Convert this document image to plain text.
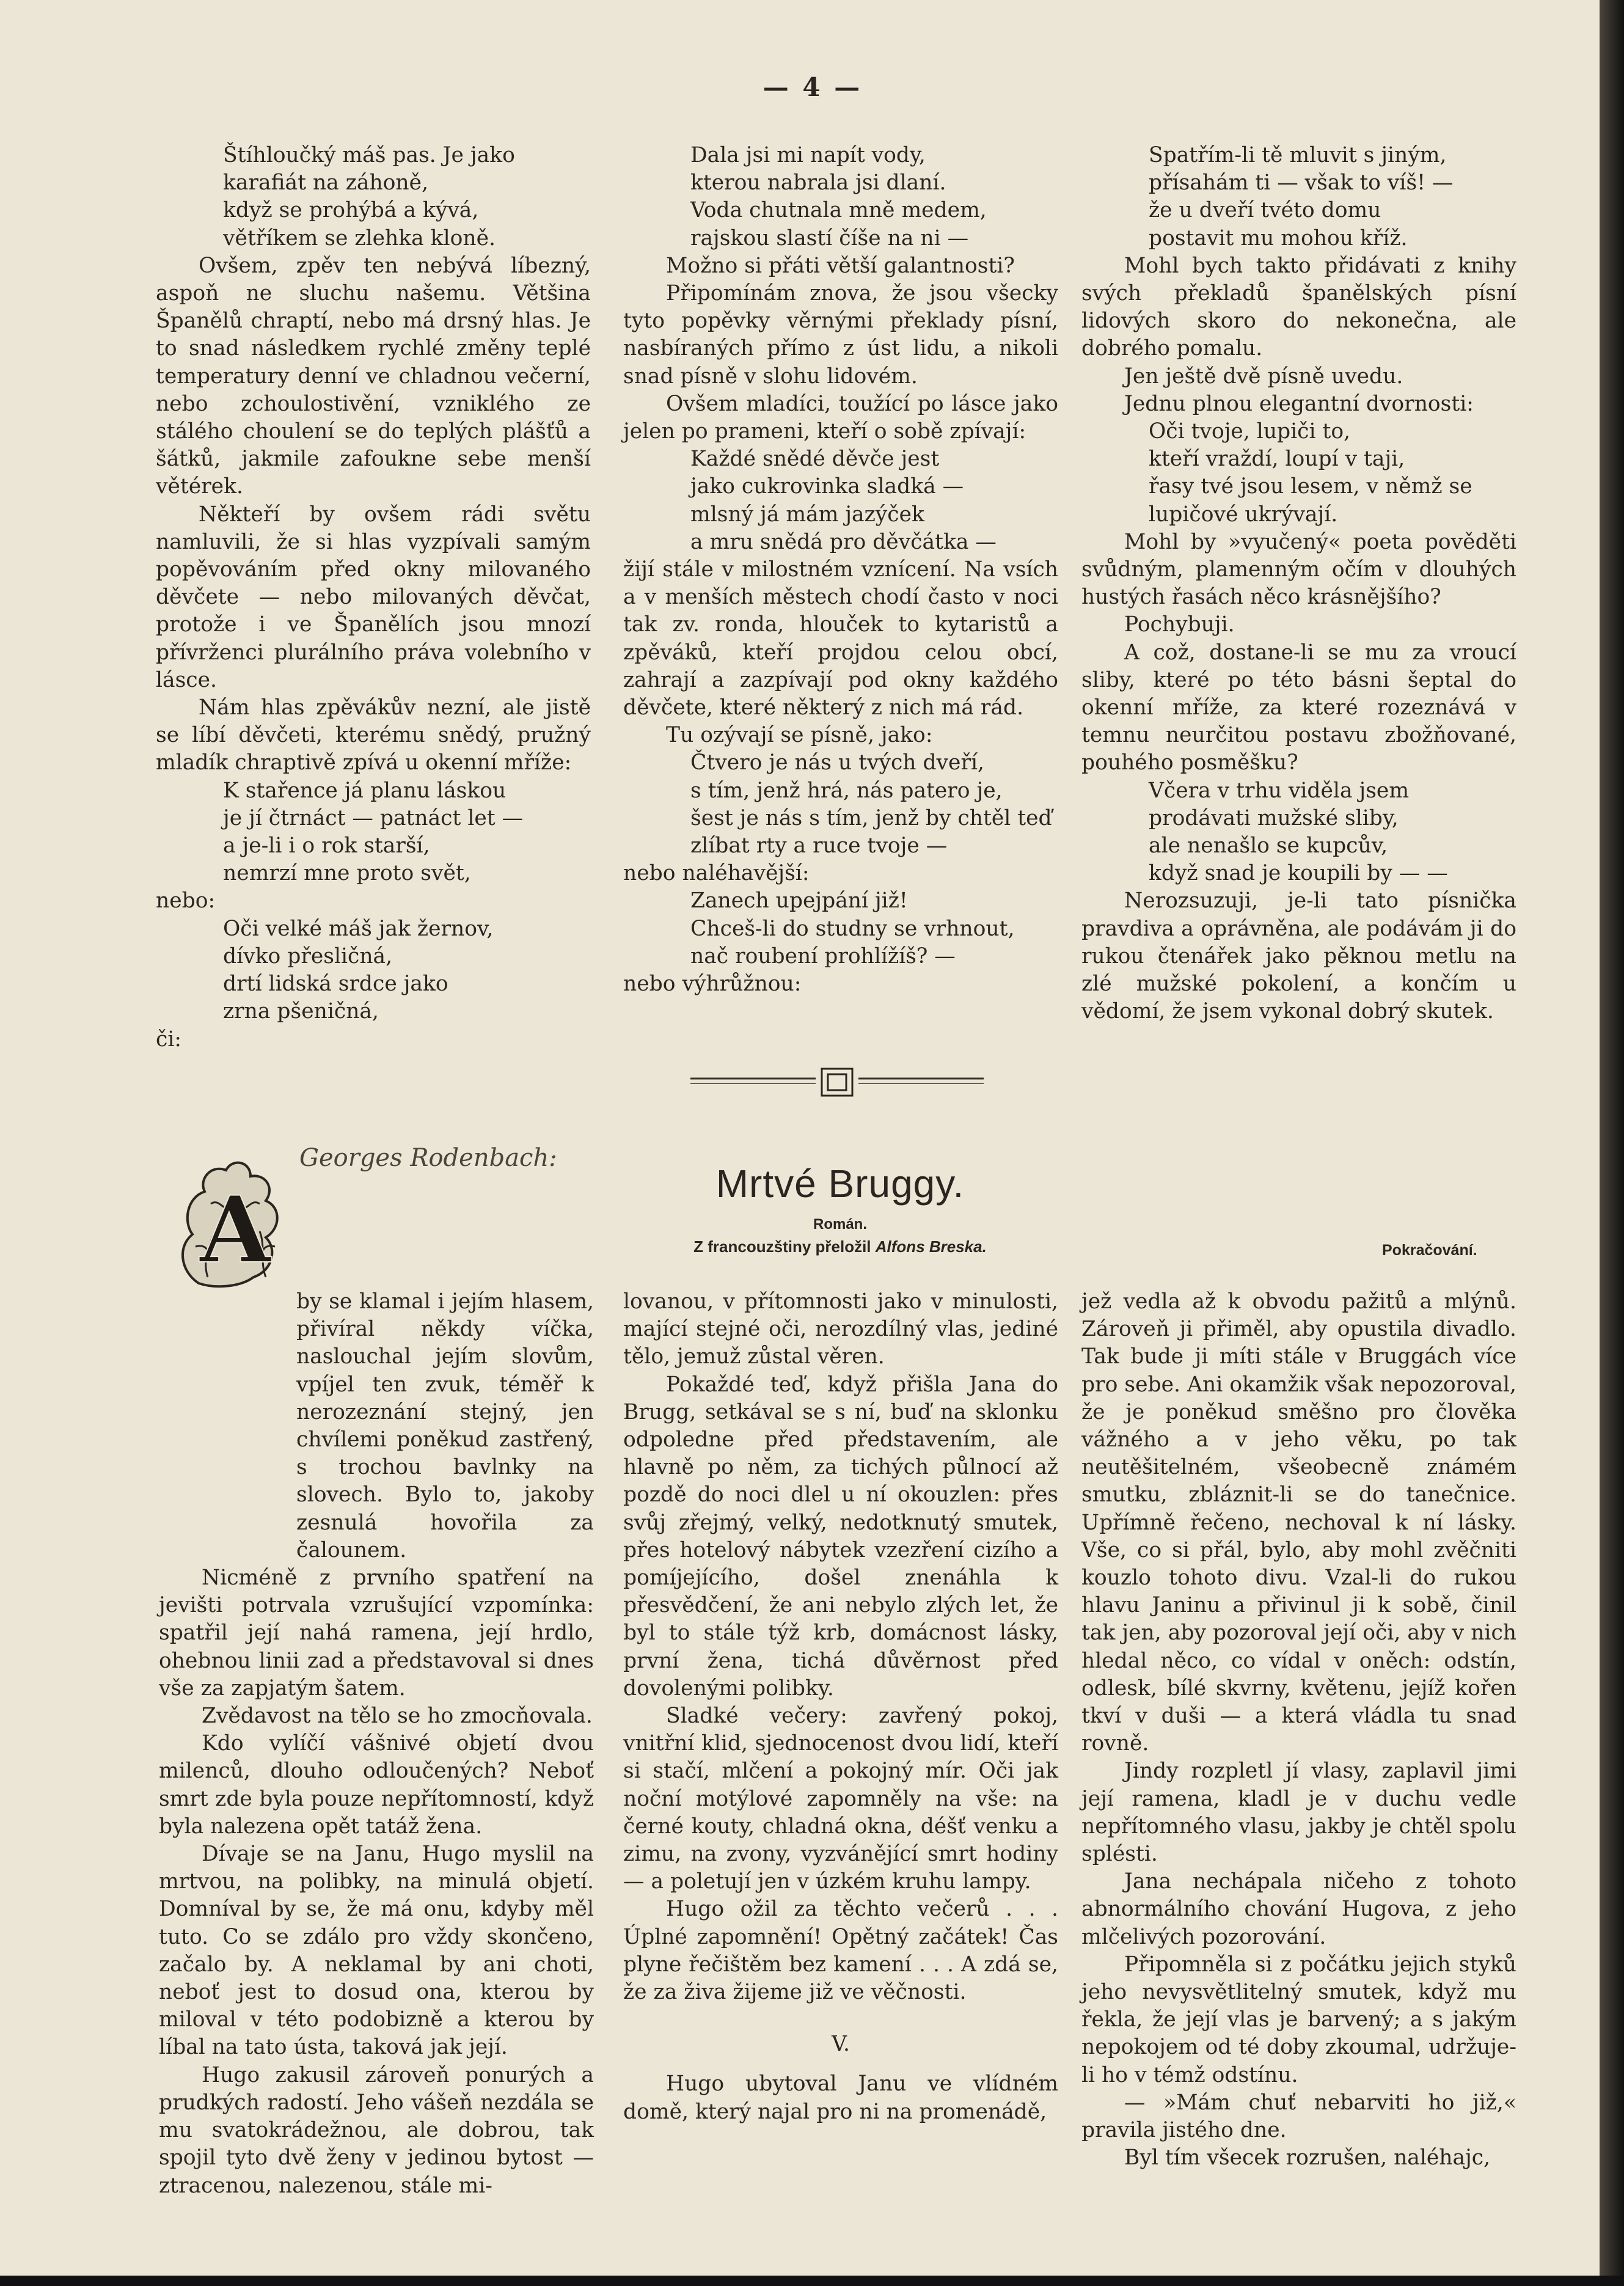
— 4 —

Štíhloučký máš pas. Je jako

karafiát na záhoně,

když se prohýbá a kývá,

větříkem se zlehka kloně.

Ovšem, zpěv ten nebývá líbezný, aspoň ne sluchu našemu. Většina Španělů chraptí, nebo má drsný hlas. Je to snad následkem rychlé změny teplé temperatury denní ve chladnou večerní, nebo zchoulostivění, vzniklého ze stálého choulení se do teplých plášťů a šátků, jakmile zafoukne sebe menší větérek.

Někteří by ovšem rádi světu namluvili, že si hlas vyzpívali samým popěvováním před okny milovaného děvčete — nebo milovaných děvčat, protože i ve Španělích jsou mnozí přívrženci plurálního práva volebního v lásce.

Nám hlas zpěvákův nezní, ale jistě se líbí děvčeti, kterému snědý, pružný mladík chraptivě zpívá u okenní mříže:

K stařence já planu láskou

je jí čtrnáct — patnáct let —

a je-li i o rok starší,

nemrzí mne proto svět,

nebo:

Oči velké máš jak žernov,

dívko přesličná,

drtí lidská srdce jako

zrna pšeničná,

či:

Dala jsi mi napít vody,

kterou nabrala jsi dlaní.

Voda chutnala mně medem,

rajskou slastí číše na ni —

Možno si přáti větší galantnosti?

Připomínám znova, že jsou všecky tyto popěvky věrnými překlady písní, nasbíraných přímo z úst lidu, a nikoli snad písně v slohu lidovém.

Ovšem mladíci, toužící po lásce jako jelen po prameni, kteří o sobě zpívají:

Každé snědé děvče jest

jako cukrovinka sladká —

mlsný já mám jazýček

a mru snědá pro děvčátka —

žijí stále v milostném vznícení. Na vsích a v menších městech chodí často v noci tak zv. ronda, hlouček to kytaristů a zpěváků, kteří projdou celou obcí, zahrají a zazpívají pod okny každého děvčete, které některý z nich má rád.

Tu ozývají se písně, jako:

Čtvero je nás u tvých dveří,

s tím, jenž hrá, nás patero je,

šest je nás s tím, jenž by chtěl teď

zlíbat rty a ruce tvoje —

nebo naléhavější:

Zanech upejpání již!

Chceš-li do studny se vrhnout,

nač roubení prohlížíš? —

nebo výhrůžnou:

Spatřím-li tě mluvit s jiným,

přísahám ti — však to víš! —

že u dveří tvéto domu

postavit mu mohou kříž.

Mohl bych takto přidávati z knihy svých překladů španělských písní lidových skoro do nekonečna, ale dobrého pomalu.

Jen ještě dvě písně uvedu.

Jednu plnou elegantní dvornosti:

Oči tvoje, lupiči to,

kteří vraždí, loupí v taji,

řasy tvé jsou lesem, v němž se

lupičové ukrývají.

Mohl by »vyučený« poeta pověděti svůdným, plamenným očím v dlouhých hustých řasách něco krásnějšího?

Pochybuji.

A což, dostane-li se mu za vroucí sliby, které po této básni šeptal do okenní mříže, za které rozeznává v temnu neurčitou postavu zbožňované, pouhého posměšku?

Včera v trhu viděla jsem

prodávati mužské sliby,

ale nenašlo se kupcův,

když snad je koupili by — —

Nerozsuzuji, je-li tato písnička pravdiva a oprávněna, ale podávám ji do rukou čtenářek jako pěknou metlu na zlé mužské pokolení, a končím u vědomí, že jsem vykonal dobrý skutek.

Georges Rodenbach:
Mrtvé Bruggy.
Román.
Z francouzštiny přeložil Alfons Breska.	Pokračování.
A

by se klamal i jejím hlasem, přivíral někdy víčka, naslouchal jejím slovům, vpíjel ten zvuk, téměř k nerozeznání stejný, jen chvílemi poněkud zastřený, s trochou bavlnky na slovech. Bylo to, jakoby zesnulá hovořila za čalounem.

Nicméně z prvního spatření na jevišti potrvala vzrušující vzpomínka: spatřil její nahá ramena, její hrdlo, ohebnou linii zad a představoval si dnes vše za zapjatým šatem.

Zvědavost na tělo se ho zmocňovala.

Kdo vylíčí vášnivé objetí dvou milenců, dlouho odloučených? Neboť smrt zde byla pouze nepřítomností, když byla nalezena opět tatáž žena.

Dívaje se na Janu, Hugo myslil na mrtvou, na polibky, na minulá objetí. Domníval by se, že má onu, kdyby měl tuto. Co se zdálo pro vždy skončeno, začalo by. A neklamal by ani choti, neboť jest to dosud ona, kterou by miloval v této podobizně a kterou by líbal na tato ústa, taková jak její.

Hugo zakusil zároveň ponurých a prudkých radostí. Jeho vášeň nezdála se mu svatokrádežnou, ale dobrou, tak spojil tyto dvě ženy v jedinou bytost — ztracenou, nalezenou, stále mi-

lovanou, v přítomnosti jako v minulosti, mající stejné oči, nerozdílný vlas, jediné tělo, jemuž zůstal věren.

Pokaždé teď, když přišla Jana do Brugg, setkával se s ní, buď na sklonku odpoledne před představením, ale hlavně po něm, za tichých půlnocí až pozdě do noci dlel u ní okouzlen: přes svůj zřejmý, velký, nedotknutý smutek, přes hotelový nábytek vzezření cizího a pomíjejícího, došel znenáhla k přesvědčení, že ani nebylo zlých let, že byl to stále týž krb, domácnost lásky, první žena, tichá důvěrnost před dovolenými polibky.

Sladké večery: zavřený pokoj, vnitřní klid, sjednocenost dvou lidí, kteří si stačí, mlčení a pokojný mír. Oči jak noční motýlové zapomněly na vše: na černé kouty, chladná okna, déšť venku a zimu, na zvony, vyzvánějící smrt hodiny — a poletují jen v úzkém kruhu lampy.

Hugo ožil za těchto večerů . . . Úplné zapomnění! Opětný začátek! Čas plyne řečištěm bez kamení . . . A zdá se, že za živa žijeme již ve věčnosti.

V.

Hugo ubytoval Janu ve vlídném domě, který najal pro ni na promenádě,

jež vedla až k obvodu pažitů a mlýnů. Zároveň ji přiměl, aby opustila divadlo. Tak bude ji míti stále v Bruggách více pro sebe. Ani okamžik však nepozoroval, že je poněkud směšno pro člověka vážného a v jeho věku, po tak neutěšitelném, všeobecně známém smutku, zbláznit-li se do tanečnice. Upřímně řečeno, nechoval k ní lásky. Vše, co si přál, bylo, aby mohl zvěčniti kouzlo tohoto divu. Vzal-li do rukou hlavu Janinu a přivinul ji k sobě, činil tak jen, aby pozoroval její oči, aby v nich hledal něco, co vídal v oněch: odstín, odlesk, bílé skvrny, květenu, jejíž kořen tkví v duši — a která vládla tu snad rovně.

Jindy rozpletl jí vlasy, zaplavil jimi její ramena, kladl je v duchu vedle nepřítomného vlasu, jakby je chtěl spolu splésti.

Jana nechápala ničeho z tohoto abnormálního chování Hugova, z jeho mlčelivých pozorování.

Připomněla si z počátku jejich styků jeho nevysvětlitelný smutek, když mu řekla, že její vlas je barvený; a s jakým nepokojem od té doby zkoumal, udržuje-li ho v témž odstínu.

— »Mám chuť nebarviti ho již,« pravila jistého dne.

Byl tím všecek rozrušen, naléhajc,
